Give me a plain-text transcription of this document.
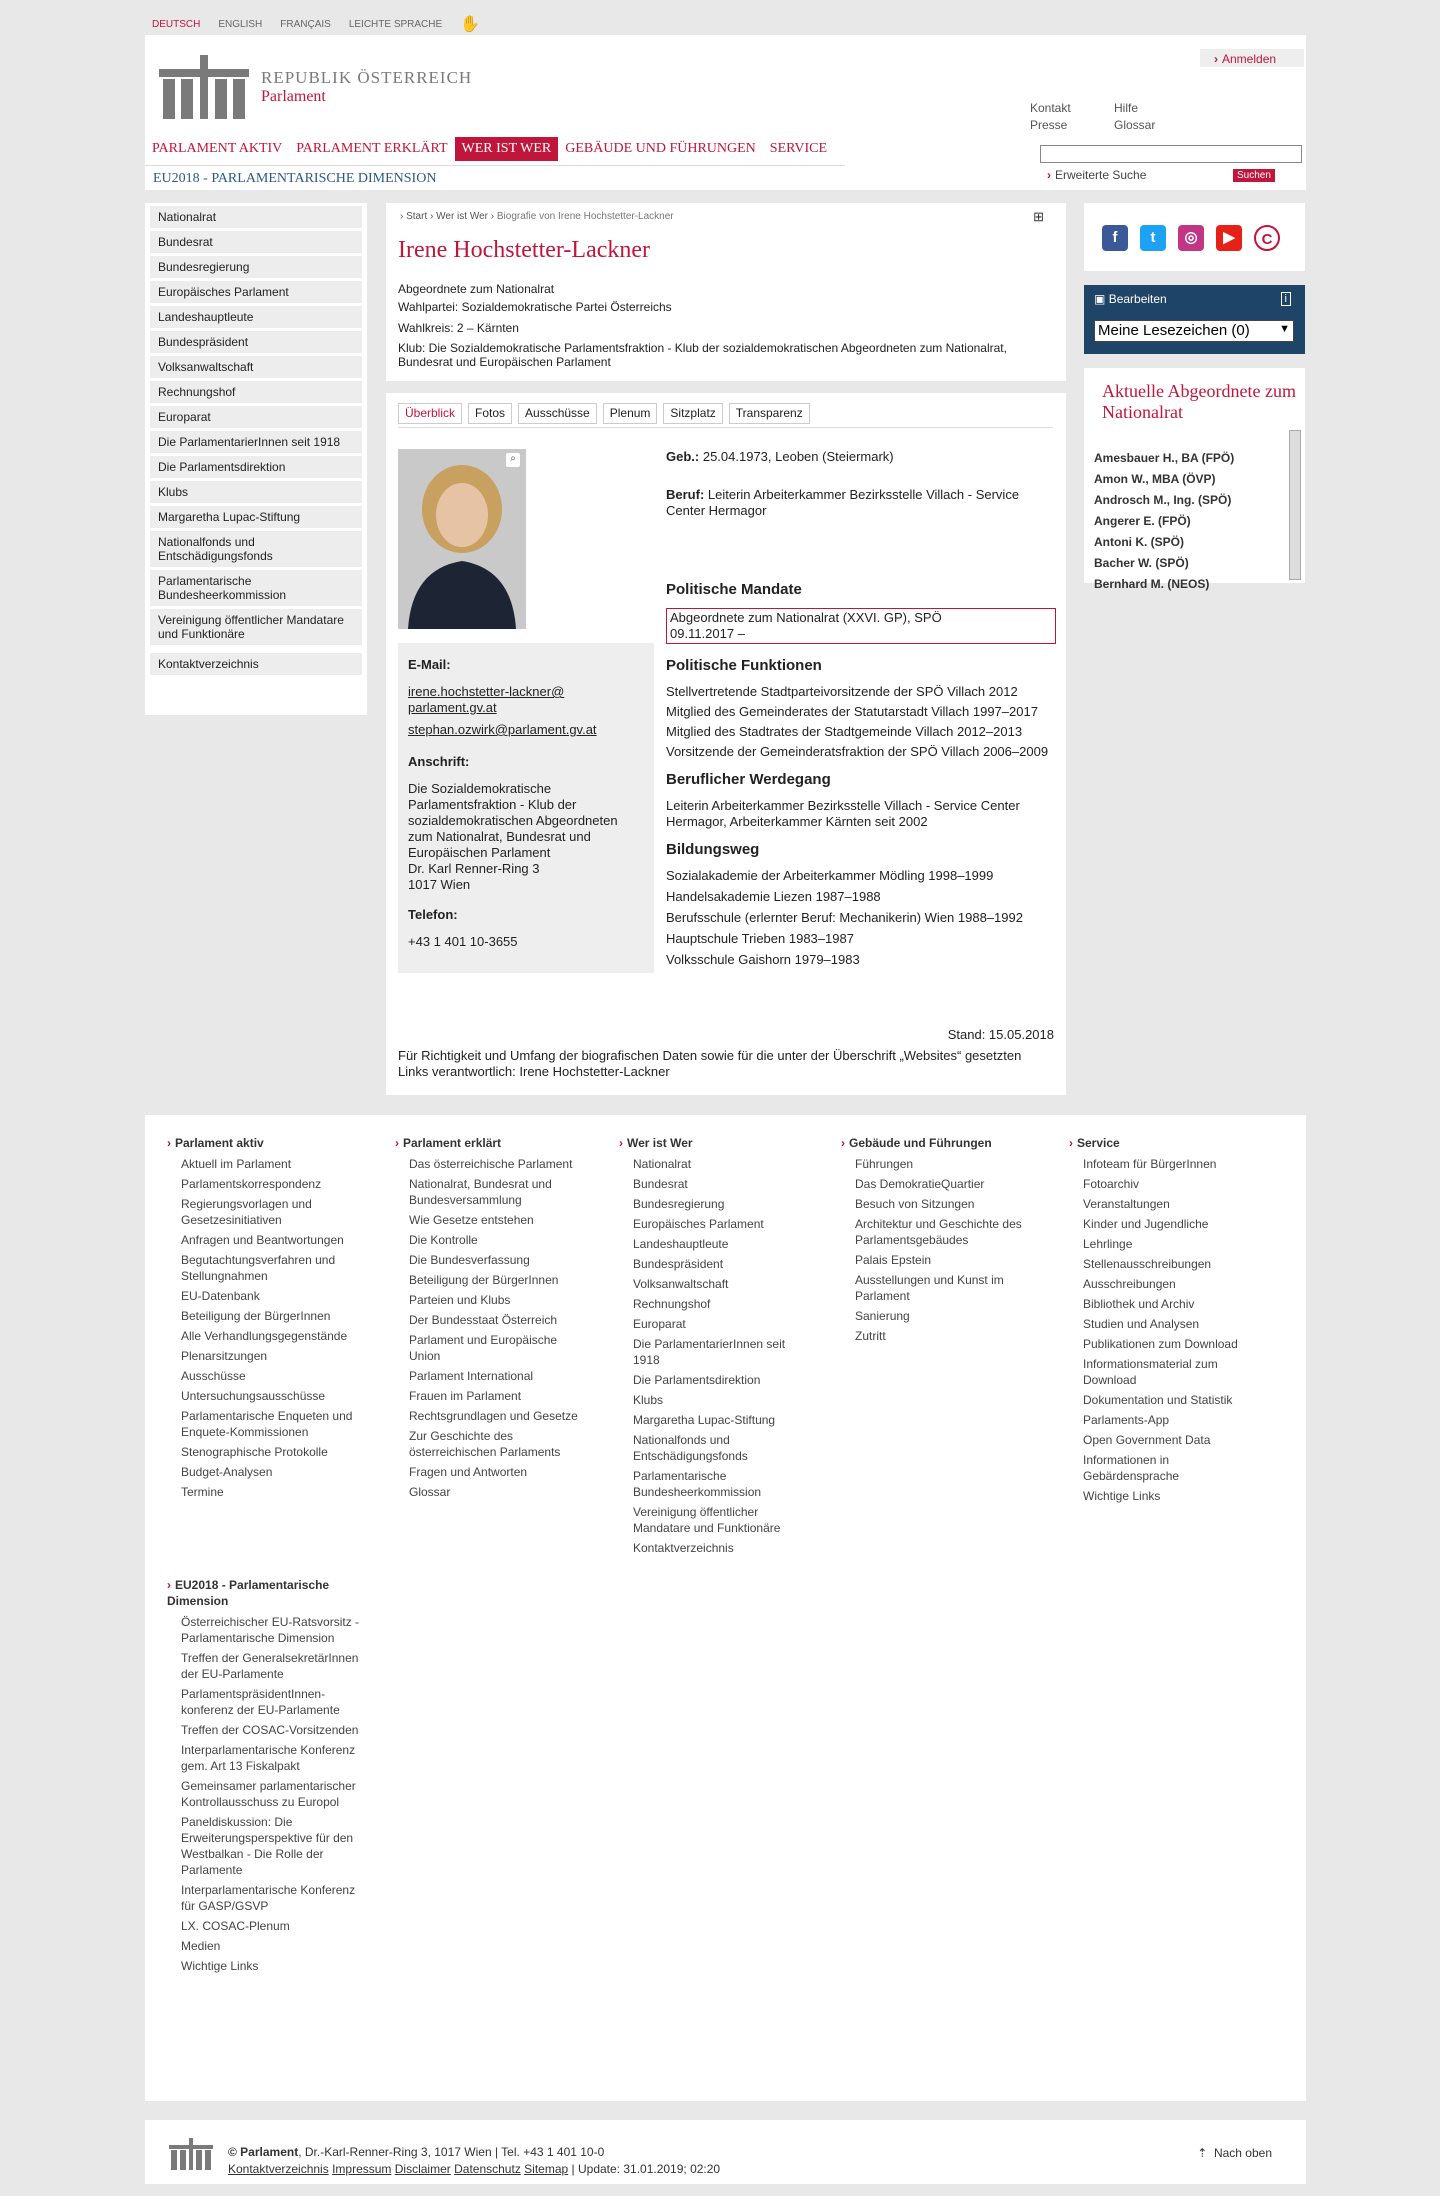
DEUTSCH ENGLISH FRANÇAIS LEICHTE SPRACHE ✋
REPUBLIK ÖSTERREICH
Parlament
› Anmelden
Kontakt	Hilfe
Presse	Glossar
› Erweiterte Suche	Suchen
PARLAMENT AKTIV	PARLAMENT ERKLÄRT	WER IST WER	GEBÄUDE UND FÜHRUNGEN	SERVICE
EU2018 - PARLAMENTARISCHE DIMENSION
Nationalrat
Bundesrat
Bundesregierung
Europäisches Parlament
Landeshauptleute
Bundespräsident
Volksanwaltschaft
Rechnungshof
Europarat
Die ParlamentarierInnen seit 1918
Die Parlamentsdirektion
Klubs
Margaretha Lupac-Stiftung
Nationalfonds und Entschädigungsfonds
Parlamentarische Bundesheerkommission
Vereinigung öffentlicher Mandatare und Funktionäre
Kontaktverzeichnis
› Start › Wer ist Wer › Biografie von Irene Hochstetter-Lackner	⊞
Irene Hochstetter-Lackner
Abgeordnete zum Nationalrat
Wahlpartei: Sozialdemokratische Partei Österreichs
Wahlkreis: 2 – Kärnten
Klub: Die Sozialdemokratische Parlamentsfraktion - Klub der sozialdemokratischen Abgeordneten zum Nationalrat, Bundesrat und Europäischen Parlament
Überblick	Fotos	Ausschüsse	Plenum	Sitzplatz	Transparenz
⌕
E-Mail:
irene.hochstetter-lackner@ parlament.gv.at
stephan.ozwirk@parlament.gv.at
Anschrift:
Die Sozialdemokratische Parlamentsfraktion - Klub der sozialdemokratischen Abgeordneten zum Nationalrat, Bundesrat und Europäischen Parlament
Dr. Karl Renner-Ring 3
1017 Wien
Telefon:
+43 1 401 10-3655
Geb.: 25.04.1973, Leoben (Steiermark)
Beruf: Leiterin Arbeiterkammer Bezirksstelle Villach - Service Center Hermagor
Politische Mandate
Abgeordnete zum Nationalrat (XXVI. GP), SPÖ
09.11.2017 –
Politische Funktionen
Stellvertretende Stadtparteivorsitzende der SPÖ Villach 2012
Mitglied des Gemeinderates der Statutarstadt Villach 1997–2017
Mitglied des Stadtrates der Stadtgemeinde Villach 2012–2013
Vorsitzende der Gemeinderatsfraktion der SPÖ Villach 2006–2009
Beruflicher Werdegang
Leiterin Arbeiterkammer Bezirksstelle Villach - Service Center Hermagor, Arbeiterkammer Kärnten seit 2002
Bildungsweg
Sozialakademie der Arbeiterkammer Mödling 1998–1999
Handelsakademie Liezen 1987–1988
Berufsschule (erlernter Beruf: Mechanikerin) Wien 1988–1992
Hauptschule Trieben 1983–1987
Volksschule Gaishorn 1979–1983
Stand: 15.05.2018
Für Richtigkeit und Umfang der biografischen Daten sowie für die unter der Überschrift „Websites“ gesetzten Links verantwortlich: Irene Hochstetter-Lackner
f	t	◎	▶	C
▣ Bearbeiten	i
Meine Lesezeichen (0)	▼
Aktuelle Abgeordnete zum Nationalrat
Amesbauer H., BA (FPÖ)
Amon W., MBA (ÖVP)
Androsch M., Ing. (SPÖ)
Angerer E. (FPÖ)
Antoni K. (SPÖ)
Bacher W. (SPÖ)
Bernhard M. (NEOS)
› Parlament aktiv
Aktuell im Parlament
Parlamentskorrespondenz
Regierungsvorlagen und Gesetzesinitiativen
Anfragen und Beantwortungen
Begutachtungsverfahren und Stellungnahmen
EU-Datenbank
Beteiligung der BürgerInnen
Alle Verhandlungsgegenstände
Plenarsitzungen
Ausschüsse
Untersuchungsausschüsse
Parlamentarische Enqueten und Enquete-Kommissionen
Stenographische Protokolle
Budget-Analysen
Termine
› Parlament erklärt
Das österreichische Parlament
Nationalrat, Bundesrat und Bundesversammlung
Wie Gesetze entstehen
Die Kontrolle
Die Bundesverfassung
Beteiligung der BürgerInnen
Parteien und Klubs
Der Bundesstaat Österreich
Parlament und Europäische Union
Parlament International
Frauen im Parlament
Rechtsgrundlagen und Gesetze
Zur Geschichte des österreichischen Parlaments
Fragen und Antworten
Glossar
› Wer ist Wer
Nationalrat
Bundesrat
Bundesregierung
Europäisches Parlament
Landeshauptleute
Bundespräsident
Volksanwaltschaft
Rechnungshof
Europarat
Die ParlamentarierInnen seit 1918
Die Parlamentsdirektion
Klubs
Margaretha Lupac-Stiftung
Nationalfonds und Entschädigungsfonds
Parlamentarische Bundesheerkommission
Vereinigung öffentlicher Mandatare und Funktionäre
Kontaktverzeichnis
› Gebäude und Führungen
Führungen
Das DemokratieQuartier
Besuch von Sitzungen
Architektur und Geschichte des Parlamentsgebäudes
Palais Epstein
Ausstellungen und Kunst im Parlament
Sanierung
Zutritt
› Service
Infoteam für BürgerInnen
Fotoarchiv
Veranstaltungen
Kinder und Jugendliche
Lehrlinge
Stellenausschreibungen
Ausschreibungen
Bibliothek und Archiv
Studien und Analysen
Publikationen zum Download
Informationsmaterial zum Download
Dokumentation und Statistik
Parlaments-App
Open Government Data
Informationen in Gebärdensprache
Wichtige Links
› EU2018 - Parlamentarische Dimension
Österreichischer EU-Ratsvorsitz - Parlamentarische Dimension
Treffen der GeneralsekretärInnen der EU-Parlamente
ParlamentspräsidentInnen-konferenz der EU-Parlamente
Treffen der COSAC-Vorsitzenden
Interparlamentarische Konferenz gem. Art 13 Fiskalpakt
Gemeinsamer parlamentarischer Kontrollausschuss zu Europol
Paneldiskussion: Die Erweiterungsperspektive für den Westbalkan - Die Rolle der Parlamente
Interparlamentarische Konferenz für GASP/GSVP
LX. COSAC-Plenum
Medien
Wichtige Links
© Parlament, Dr.-Karl-Renner-Ring 3, 1017 Wien | Tel. +43 1 401 10-0
Kontaktverzeichnis Impressum Disclaimer Datenschutz Sitemap | Update: 31.01.2019; 02:20
⇡ Nach oben
